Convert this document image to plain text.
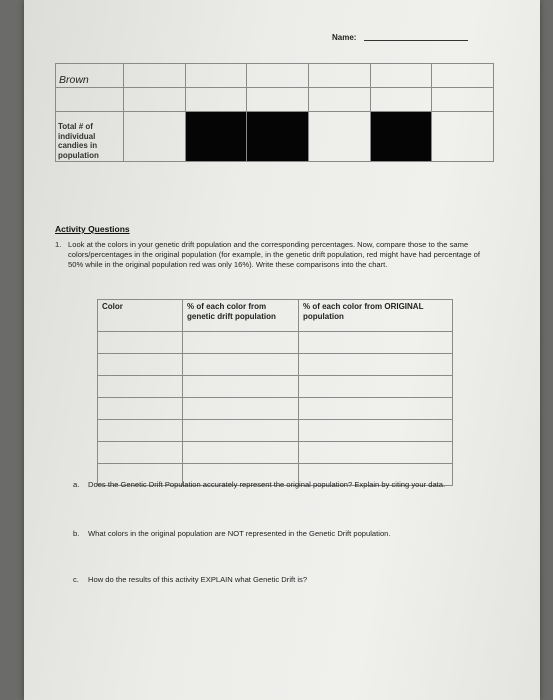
Name:
Brown						

Total # of individual candies in population						

Activity Questions
1. Look at the colors in your genetic drift population and the corresponding percentages. Now, compare those to the same colors/percentages in the original population (for example, in the genetic drift population, red might have had percentage of 50% while in the original population red was only 16%). Write these comparisons into the chart.
Color	% of each color from genetic drift population	% of each color from ORIGINAL population

a. Does the Genetic Drift Population accurately represent the original population? Explain by citing your data.
b. What colors in the original population are NOT represented in the Genetic Drift population.
c. How do the results of this activity EXPLAIN what Genetic Drift is?
